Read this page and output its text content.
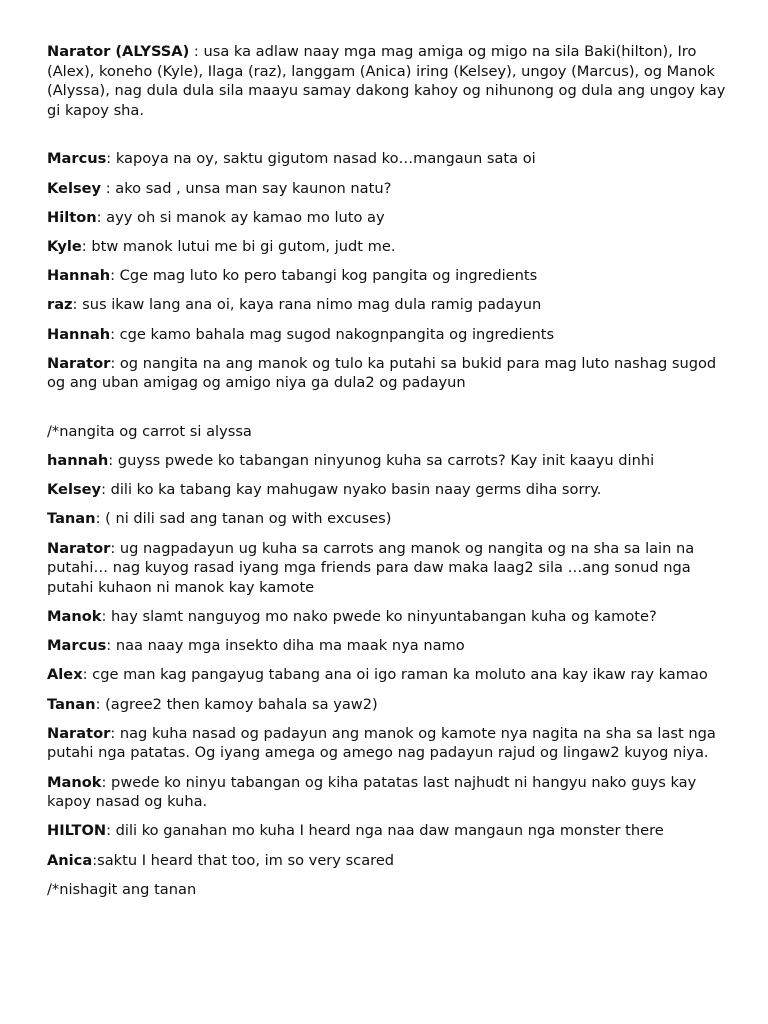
Narator (ALYSSA) : usa ka adlaw naay mga mag amiga og migo na sila Baki(hilton), Iro (Alex), koneho (Kyle), Ilaga (raz), langgam (Anica) iring (Kelsey), ungoy (Marcus), og Manok (Alyssa), nag dula dula sila maayu samay dakong kahoy og nihunong og dula ang ungoy kay gi kapoy sha.

Marcus: kapoya na oy, saktu gigutom nasad ko…mangaun sata oi

Kelsey : ako sad , unsa man say kaunon natu?

Hilton: ayy oh si manok ay kamao mo luto ay

Kyle: btw manok lutui me bi gi gutom, judt me.

Hannah: Cge mag luto ko pero tabangi kog pangita og ingredients

raz: sus ikaw lang ana oi, kaya rana nimo mag dula ramig padayun

Hannah: cge kamo bahala mag sugod nakognpangita og ingredients

Narator: og nangita na ang manok og tulo ka putahi sa bukid para mag luto nashag sugod og ang uban amigag og amigo niya ga dula2 og padayun

/*nangita og carrot si alyssa

hannah: guyss pwede ko tabangan ninyunog kuha sa carrots? Kay init kaayu dinhi

Kelsey: dili ko ka tabang kay mahugaw nyako basin naay germs diha sorry.

Tanan: ( ni dili sad ang tanan og with excuses)

Narator: ug nagpadayun ug kuha sa carrots ang manok og nangita og na sha sa lain na putahi… nag kuyog rasad iyang mga friends para daw maka laag2 sila …ang sonud nga putahi kuhaon ni manok kay kamote

Manok: hay slamt nanguyog mo nako pwede ko ninyuntabangan kuha og kamote?

Marcus: naa naay mga insekto diha ma maak nya namo

Alex: cge man kag pangayug tabang ana oi igo raman ka moluto ana kay ikaw ray kamao

Tanan: (agree2 then kamoy bahala sa yaw2)

Narator: nag kuha nasad og padayun ang manok og kamote nya nagita na sha sa last nga putahi nga patatas. Og iyang amega og amego nag padayun rajud og lingaw2 kuyog niya.

Manok: pwede ko ninyu tabangan og kiha patatas last najhudt ni hangyu nako guys kay kapoy nasad og kuha.

HILTON: dili ko ganahan mo kuha I heard nga naa daw mangaun nga monster there

Anica:saktu I heard that too, im so very scared

/*nishagit ang tanan
